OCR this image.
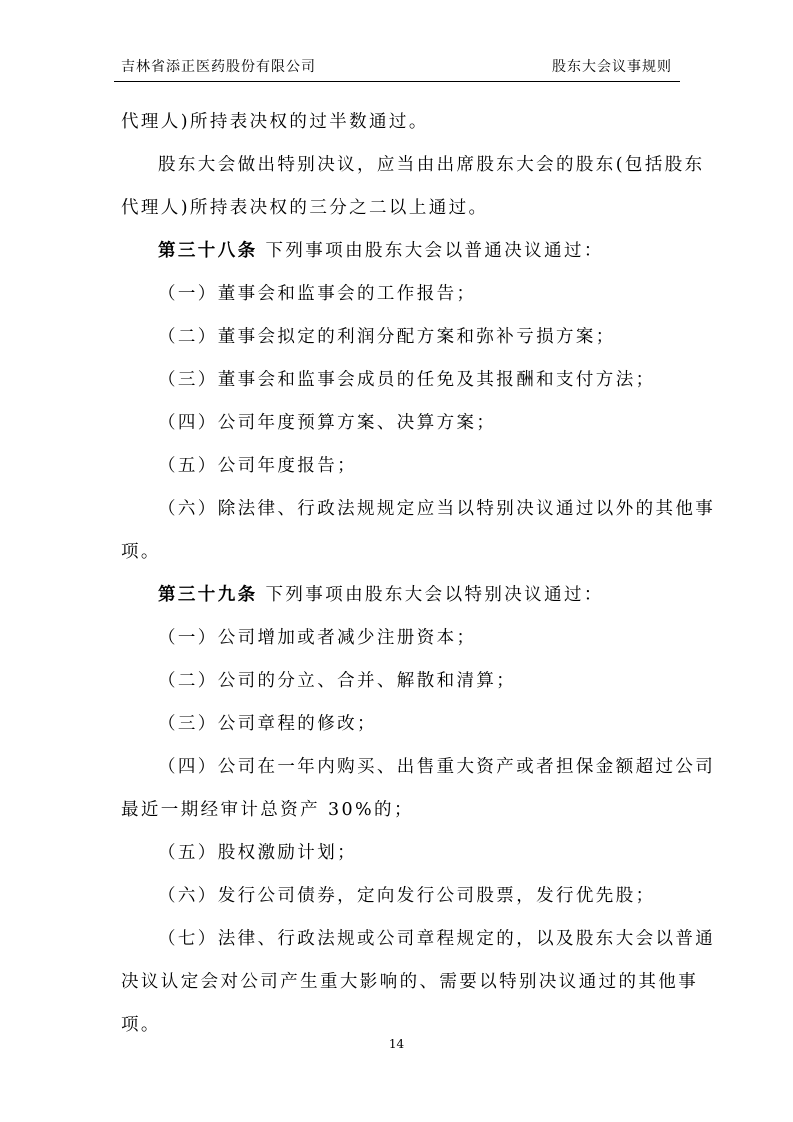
吉林省添正医药股份有限公司	股东大会议事规则
代理人)所持表决权的过半数通过。
股东大会做出特别决议，应当由出席股东大会的股东(包括股东
代理人)所持表决权的三分之二以上通过。
第三十八条 下列事项由股东大会以普通决议通过：
（一）董事会和监事会的工作报告；
（二）董事会拟定的利润分配方案和弥补亏损方案；
（三）董事会和监事会成员的任免及其报酬和支付方法；
（四）公司年度预算方案、决算方案；
（五）公司年度报告；
（六）除法律、行政法规规定应当以特别决议通过以外的其他事
项。
第三十九条 下列事项由股东大会以特别决议通过：
（一）公司增加或者减少注册资本；
（二）公司的分立、合并、解散和清算；
（三）公司章程的修改；
（四）公司在一年内购买、出售重大资产或者担保金额超过公司
最近一期经审计总资产 30%的；
（五）股权激励计划；
（六）发行公司债券，定向发行公司股票，发行优先股；
（七）法律、行政法规或公司章程规定的，以及股东大会以普通
决议认定会对公司产生重大影响的、需要以特别决议通过的其他事
项。
14
